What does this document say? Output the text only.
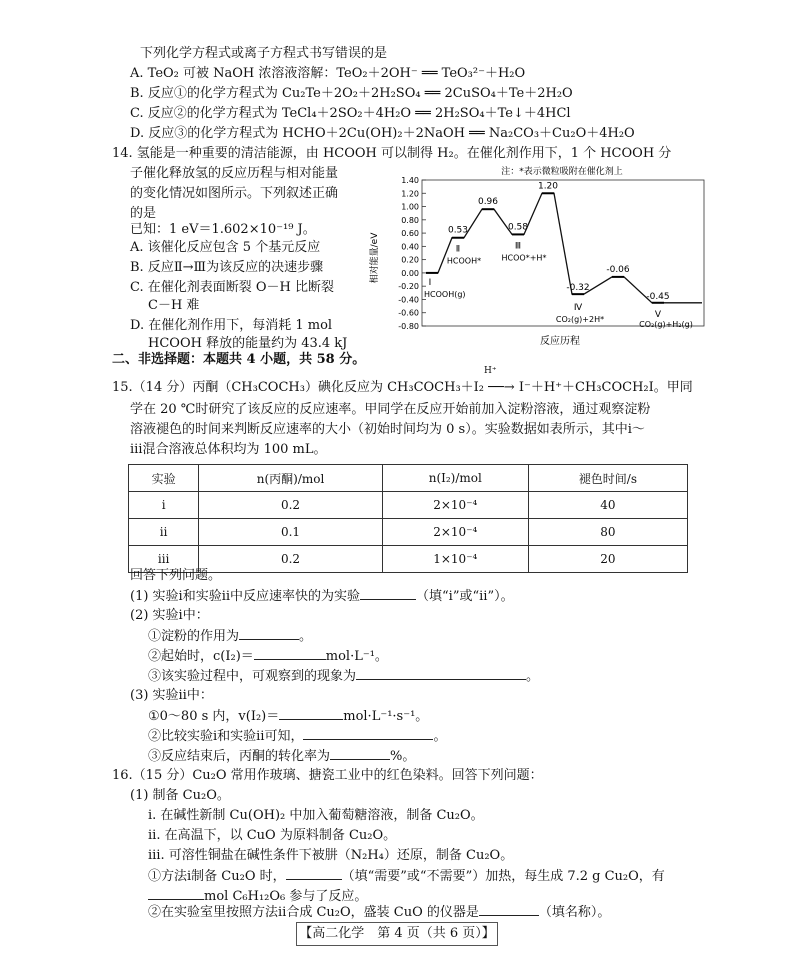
下列化学方程式或离子方程式书写错误的是
A. TeO₂ 可被 NaOH 浓溶液溶解：TeO₂＋2OH⁻ ══ TeO₃²⁻＋H₂O
B. 反应①的化学方程式为 Cu₂Te＋2O₂＋2H₂SO₄ ══ 2CuSO₄＋Te＋2H₂O
C. 反应②的化学方程式为 TeCl₄＋2SO₂＋4H₂O ══ 2H₂SO₄＋Te↓＋4HCl
D. 反应③的化学方程式为 HCHO＋2Cu(OH)₂＋2NaOH ══ Na₂CO₃＋Cu₂O＋4H₂O
14. 氢能是一种重要的清洁能源，由 HCOOH 可以制得 H₂。在催化剂作用下，1 个 HCOOH 分
子催化释放氢的反应历程与相对能量
的变化情况如图所示。下列叙述正确
的是
已知：1 eV＝1.602×10⁻¹⁹ J。
A. 该催化反应包含 5 个基元反应
B. 反应Ⅱ→Ⅲ为该反应的决速步骤
C. 在催化剂表面断裂 O－H 比断裂
C－H 难
D. 在催化剂作用下，每消耗 1 mol
HCOOH 释放的能量约为 43.4 kJ
注：*表示微粒吸附在催化剂上
1.40
1.20
1.00
0.80
0.60
0.40
0.20
0.00
-0.20
-0.40
-0.60
-0.80
相对能量/eV
0.53
0.96
0.58
1.20
-0.32
-0.06
-0.45
Ⅰ
Ⅱ	Ⅲ
Ⅳ
Ⅴ
HCOOH(g)
HCOOH*	HCOO*+H*
CO₂(g)+2H*
CO₂(g)+H₂(g)
反应历程
二、非选择题：本题共 4 小题，共 58 分。
15.（14 分）丙酮（CH₃COCH₃）碘化反应为 CH₃COCH₃＋I₂ ──→ I⁻＋H⁺＋CH₃COCH₂I。甲同
H⁺
学在 20 ℃时研究了该反应的反应速率。甲同学在反应开始前加入淀粉溶液，通过观察淀粉
溶液褪色的时间来判断反应速率的大小（初始时间均为 0 s）。实验数据如表所示，其中ⅰ～
ⅲ混合溶液总体积均为 100 mL。
实验	n(丙酮)/mol	n(I₂)/mol	褪色时间/s
ⅰ	0.2	2×10⁻⁴	40
ⅱ	0.1	2×10⁻⁴	80
ⅲ	0.2	1×10⁻⁴	20
回答下列问题。
(1) 实验ⅰ和实验ⅱ中反应速率快的为实验	（填“ⅰ”或“ⅱ”）。
(2) 实验ⅰ中：
①淀粉的作用为	。
②起始时，c(I₂)＝	mol·L⁻¹。
③该实验过程中，可观察到的现象为	。
(3) 实验ⅱ中：
①0～80 s 内，v(I₂)＝	mol·L⁻¹·s⁻¹。
②比较实验ⅰ和实验ⅱ可知，	。
③反应结束后，丙酮的转化率为	%。
16.（15 分）Cu₂O 常用作玻璃、搪瓷工业中的红色染料。回答下列问题：
(1) 制备 Cu₂O。
ⅰ. 在碱性新制 Cu(OH)₂ 中加入葡萄糖溶液，制备 Cu₂O。
ⅱ. 在高温下，以 CuO 为原料制备 Cu₂O。
ⅲ. 可溶性铜盐在碱性条件下被肼（N₂H₄）还原，制备 Cu₂O。
①方法ⅰ制备 Cu₂O 时，	（填“需要”或“不需要”）加热，每生成 7.2 g Cu₂O，有
mol C₆H₁₂O₆ 参与了反应。
②在实验室里按照方法ⅱ合成 Cu₂O，盛装 CuO 的仪器是	（填名称）。
【高二化学　第 4 页（共 6 页）】
